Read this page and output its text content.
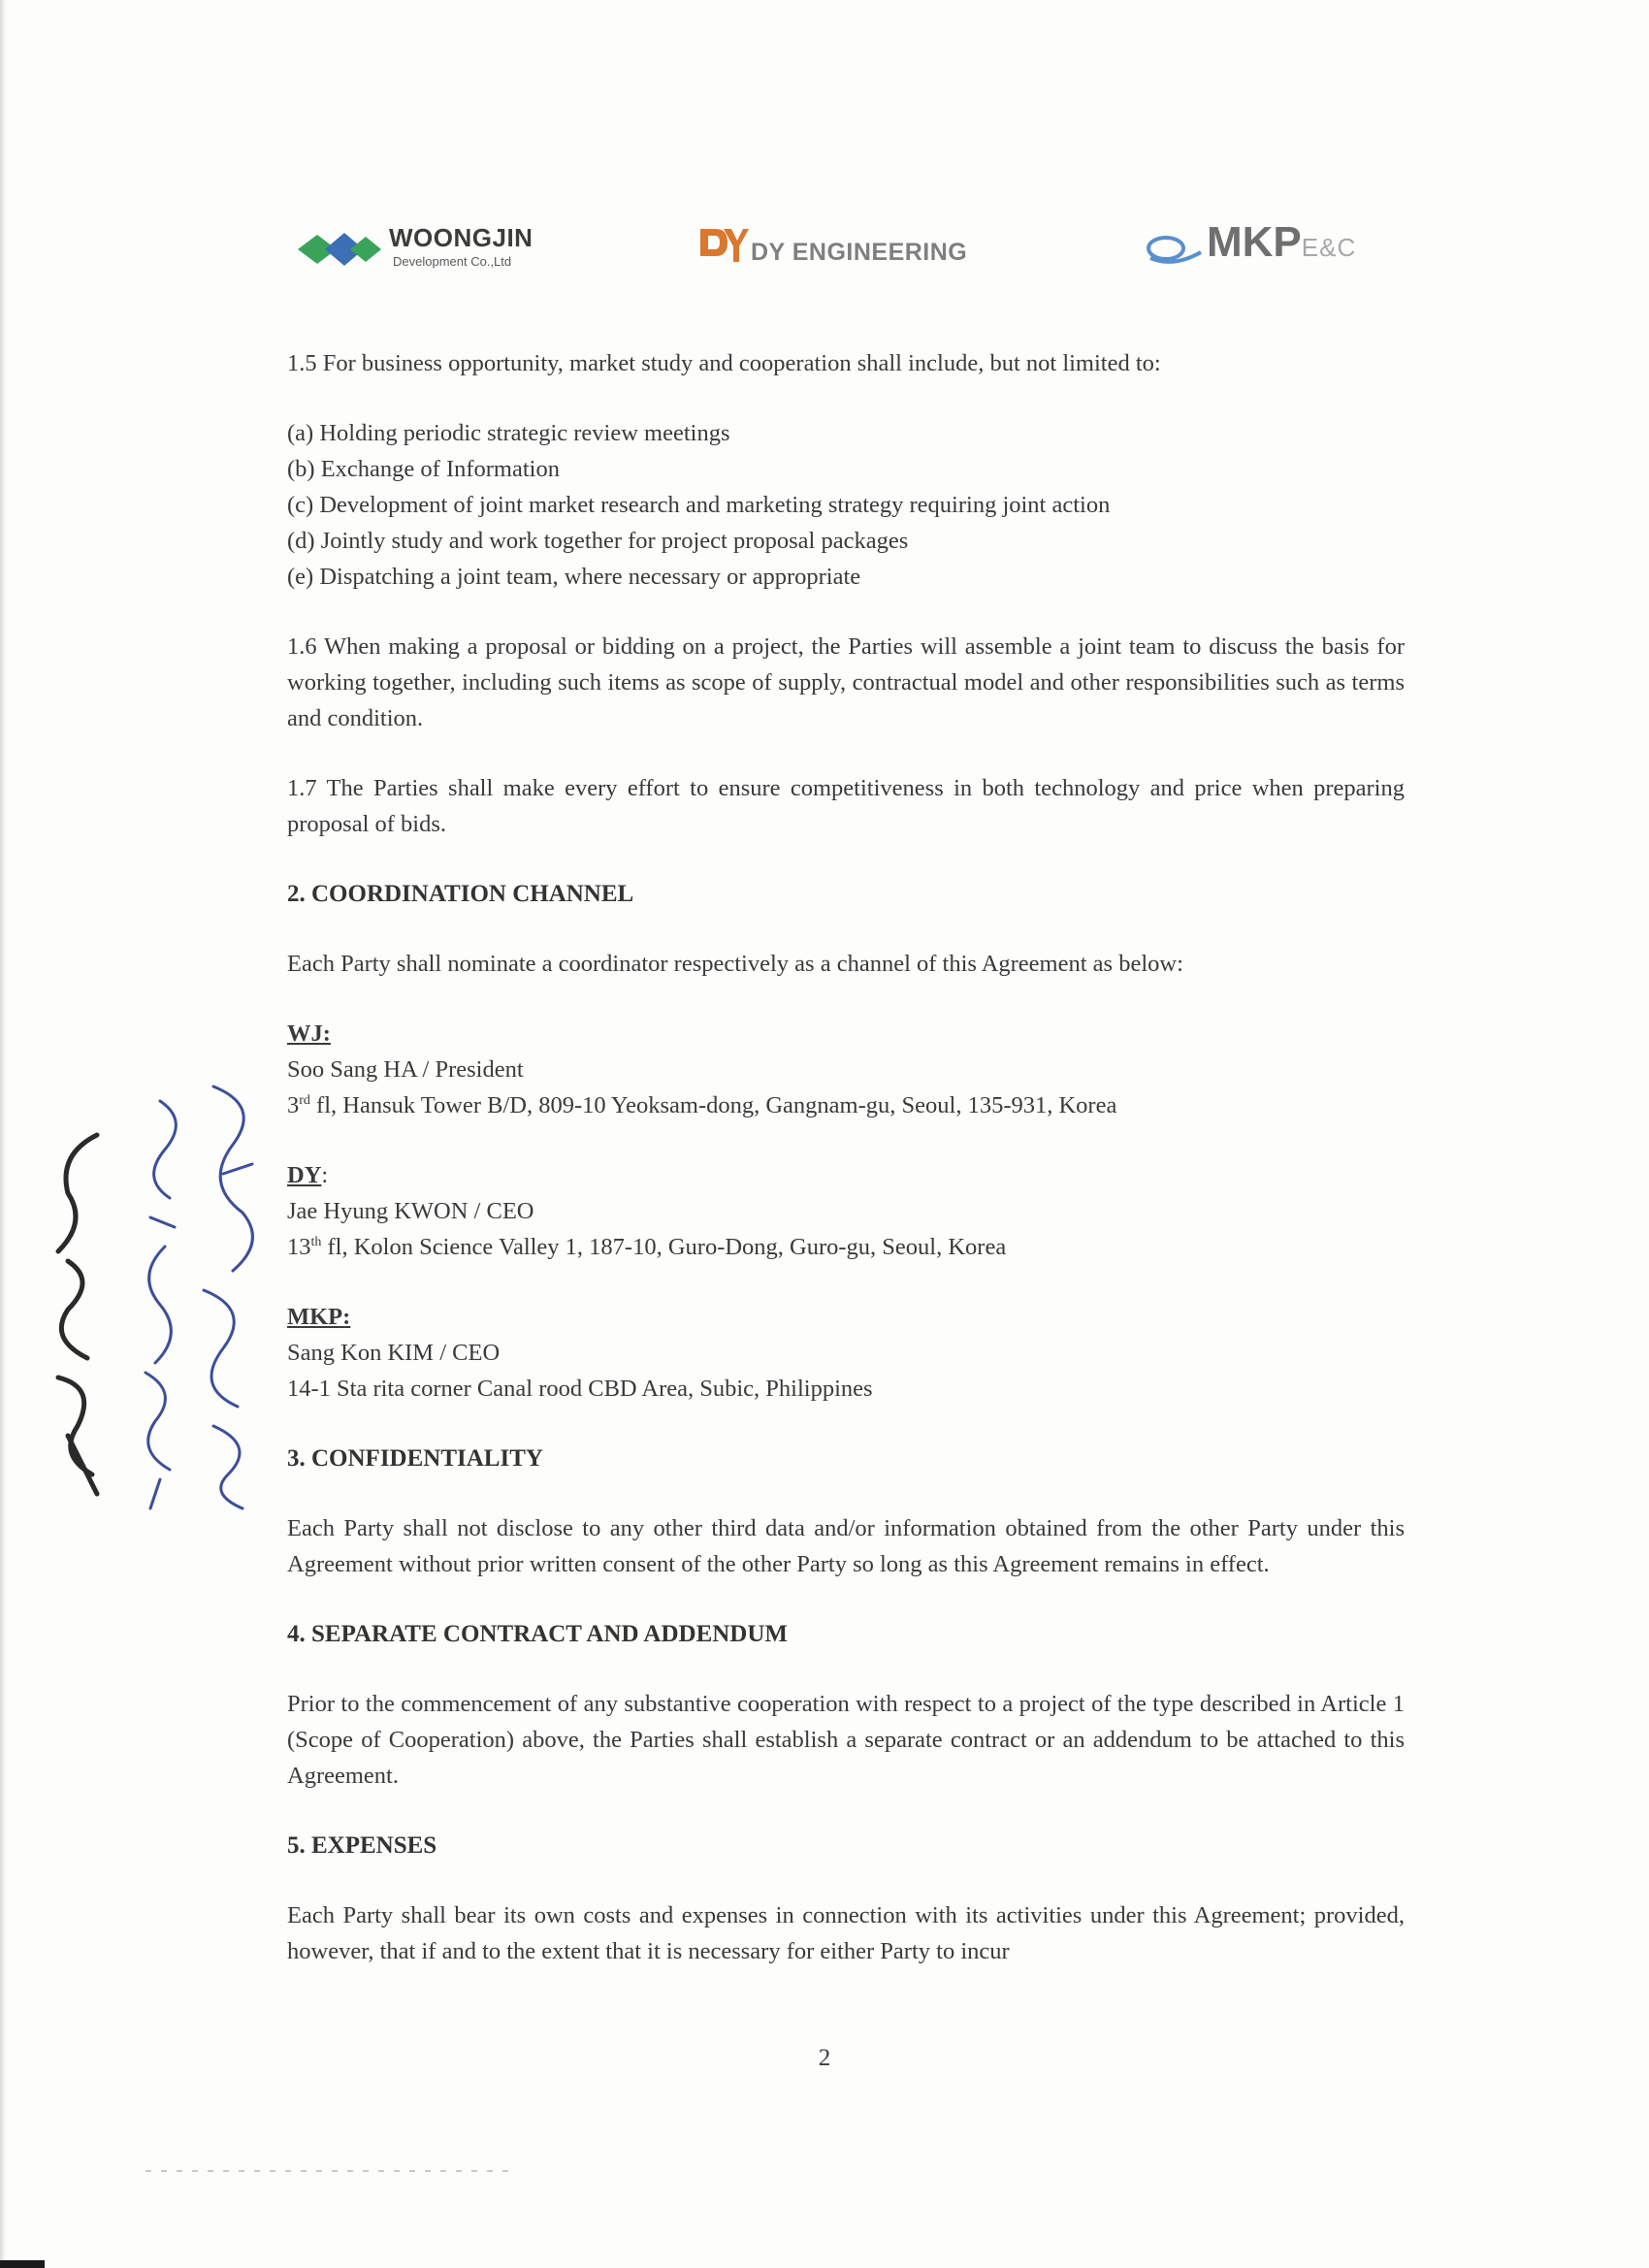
WOONGJIN
Development Co.,Ltd	DY ENGINEERING	MKPE&C

1.5 For business opportunity, market study and cooperation shall include, but not limited to:

(a) Holding periodic strategic review meetings

(b) Exchange of Information

(c) Development of joint market research and marketing strategy requiring joint action

(d) Jointly study and work together for project proposal packages

(e) Dispatching a joint team, where necessary or appropriate

1.6 When making a proposal or bidding on a project, the Parties will assemble a joint team to discuss the basis for working together, including such items as scope of supply, contractual model and other responsibilities such as terms and condition.

1.7 The Parties shall make every effort to ensure competitiveness in both technology and price when preparing proposal of bids.

2. COORDINATION CHANNEL

Each Party shall nominate a coordinator respectively as a channel of this Agreement as below:

WJ:

Soo Sang HA / President

3rd fl, Hansuk Tower B/D, 809-10 Yeoksam-dong, Gangnam-gu, Seoul, 135-931, Korea

DY:

Jae Hyung KWON / CEO

13th fl, Kolon Science Valley 1, 187-10, Guro-Dong, Guro-gu, Seoul, Korea

MKP:

Sang Kon KIM / CEO

14-1 Sta rita corner Canal rood CBD Area, Subic, Philippines

3. CONFIDENTIALITY

Each Party shall not disclose to any other third data and/or information obtained from the other Party under this Agreement without prior written consent of the other Party so long as this Agreement remains in effect.

4. SEPARATE CONTRACT AND ADDENDUM

Prior to the commencement of any substantive cooperation with respect to a project of the type described in Article 1 (Scope of Cooperation) above, the Parties shall establish a separate contract or an addendum to be attached to this Agreement.

5. EXPENSES

Each Party shall bear its own costs and expenses in connection with its activities under this Agreement; provided, however, that if and to the extent that it is necessary for either Party to incur

2
